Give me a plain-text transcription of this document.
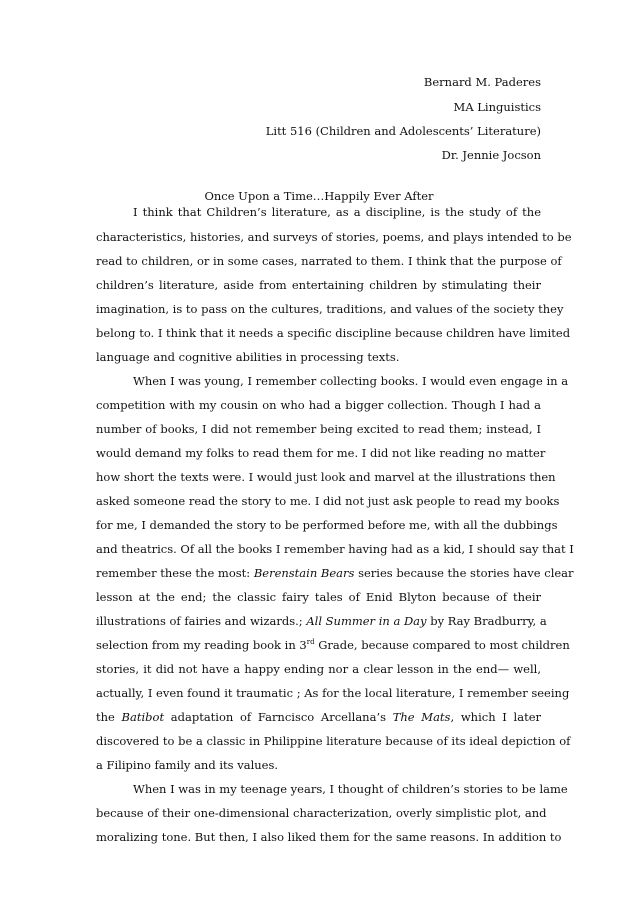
Bernard M. Paderes
MA Linguistics
Litt 516 (Children and Adolescents’ Literature)
Dr. Jennie Jocson
Once Upon a Time…Happily Ever After
I think that Children’s literature, as a discipline, is the study of the
characteristics, histories, and surveys of stories, poems, and plays intended to be
read to children, or in some cases, narrated to them. I think that the purpose of
children’s literature, aside from entertaining children by stimulating their
imagination, is to pass on the cultures, traditions, and values of the society they
belong to. I think that it needs a specific discipline because children have limited
language and cognitive abilities in processing texts.
When I was young, I remember collecting books. I would even engage in a
competition with my cousin on who had a bigger collection. Though I had a
number of books, I did not remember being excited to read them; instead, I
would demand my folks to read them for me. I did not like reading no matter
how short the texts were. I would just look and marvel at the illustrations then
asked someone read the story to me. I did not just ask people to read my books
for me, I demanded the story to be performed before me, with all the dubbings
and theatrics. Of all the books I remember having had as a kid, I should say that I
remember these the most: Berenstain Bears series because the stories have clear
lesson at the end; the classic fairy tales of Enid Blyton because of their
illustrations of fairies and wizards.; All Summer in a Day by Ray Bradburry, a
selection from my reading book in 3rd Grade, because compared to most children
stories, it did not have a happy ending nor a clear lesson in the end— well,
actually, I even found it traumatic ; As for the local literature, I remember seeing
the Batibot adaptation of Farncisco Arcellana’s The Mats, which I later
discovered to be a classic in Philippine literature because of its ideal depiction of
a Filipino family and its values.
When I was in my teenage years, I thought of children’s stories to be lame
because of their one-dimensional characterization, overly simplistic plot, and
moralizing tone. But then, I also liked them for the same reasons. In addition to
